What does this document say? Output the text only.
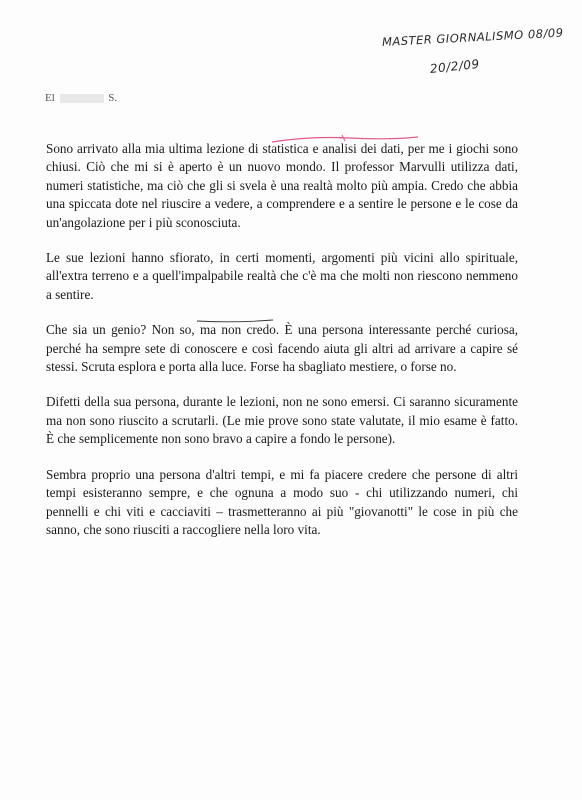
MASTER GIORNALISMO 08/09
20/2/09
El	S.

Sono arrivato alla mia ultima lezione di statistica e analisi dei dati, per me i giochi sono chiusi. Ciò che mi si è aperto è un nuovo mondo. Il professor Marvulli utilizza dati, numeri statistiche, ma ciò che gli si svela è una realtà molto più ampia. Credo che abbia una spiccata dote nel riuscire a vedere, a comprendere e a sentire le persone e le cose da un'angolazione per i più sconosciuta.

Le sue lezioni hanno sfiorato, in certi momenti, argomenti più vicini allo spirituale, all'extra terreno e a quell'impalpabile realtà che c'è ma che molti non riescono nemmeno a sentire.

Che sia un genio? Non so, ma non credo. È una persona interessante perché curiosa, perché ha sempre sete di conoscere e così facendo aiuta gli altri ad arrivare a capire sé stessi. Scruta esplora e porta alla luce. Forse ha sbagliato mestiere, o forse no.

Difetti della sua persona, durante le lezioni, non ne sono emersi. Ci saranno sicuramente ma non sono riuscito a scrutarli. (Le mie prove sono state valutate, il mio esame è fatto. È che semplicemente non sono bravo a capire a fondo le persone).

Sembra proprio una persona d'altri tempi, e mi fa piacere credere che persone di altri tempi esisteranno sempre, e che ognuna a modo suo - chi utilizzando numeri, chi pennelli e chi viti e cacciaviti – trasmetteranno ai più "giovanotti" le cose in più che sanno, che sono riusciti a raccogliere nella loro vita.
